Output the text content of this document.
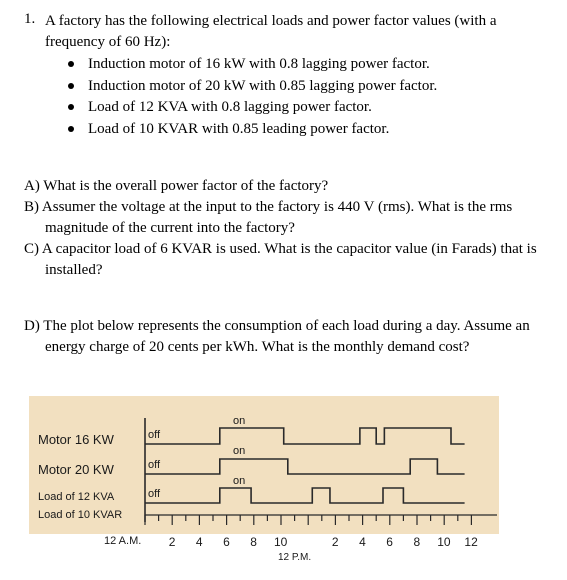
1. A factory has the following electrical loads and power factor values (with a frequency of 60 Hz):
Induction motor of 16 kW with 0.8 lagging power factor.
Induction motor of 20 kW with 0.85 lagging power factor.
Load of 12 KVA with 0.8 lagging power factor.
Load of 10 KVAR with 0.85 leading power factor.
A) What is the overall power factor of the factory?
B) Assumer the voltage at the input to the factory is 440 V (rms). What is the rms magnitude of the current into the factory?
C) A capacitor load of 6 KVAR is used. What is the capacitor value (in Farads) that is installed?
D) The plot below represents the consumption of each load during a day. Assume an energy charge of 20 cents per kWh. What is the monthly demand cost?
Motor 16 KW
Motor 20 KW
Load of 12 KVA
Load of 10 KVAR
off
off
off
on
on
on
12 A.M.
12 P.M.
2 4 6 8 10	2 4 6 8 10 12
